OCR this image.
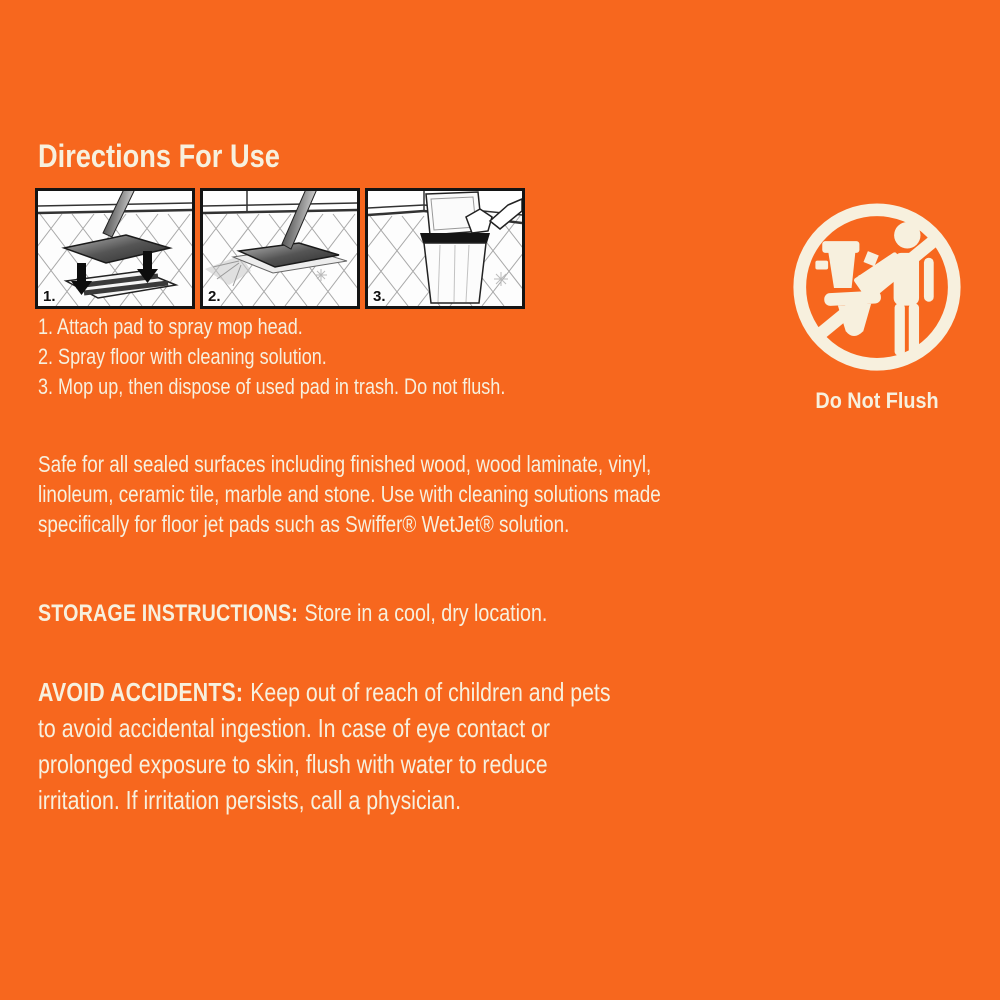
Directions For Use
1.	2.	3.
1. Attach pad to spray mop head.
2. Spray floor with cleaning solution.
3. Mop up, then dispose of used pad in trash. Do not flush.

Safe for all sealed surfaces including finished wood, wood laminate, vinyl, linoleum, ceramic tile, marble and stone. Use with cleaning solutions made specifically for floor jet pads such as Swiffer® WetJet® solution.

STORAGE INSTRUCTIONS: Store in a cool, dry location.

AVOID ACCIDENTS: Keep out of reach of children and pets to avoid accidental ingestion. In case of eye contact or prolonged exposure to skin, flush with water to reduce irritation. If irritation persists, call a physician.

Do Not Flush
